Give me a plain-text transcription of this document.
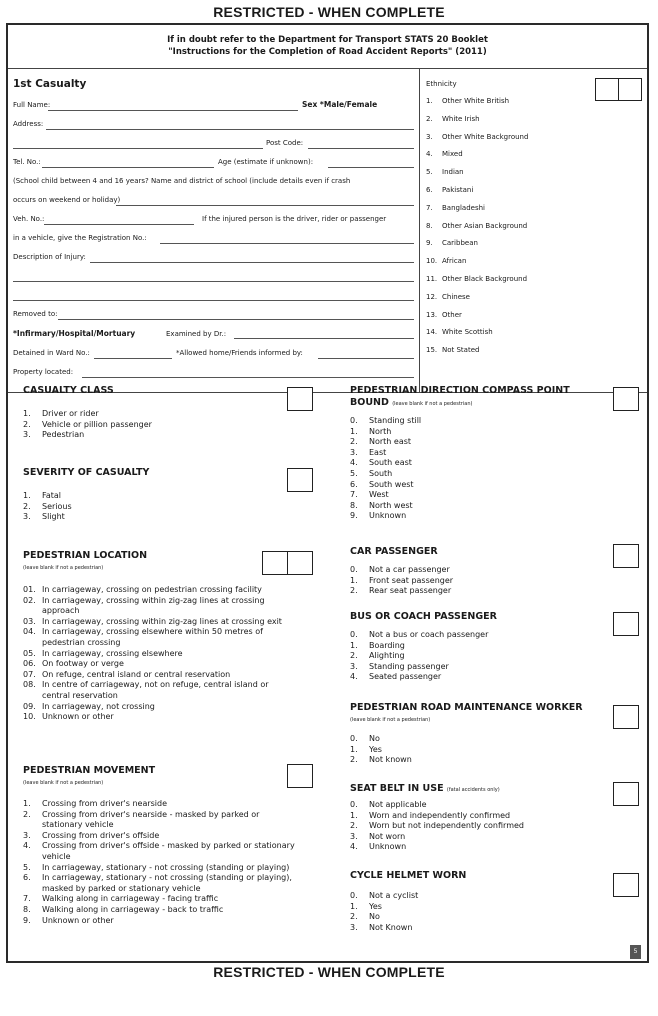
RESTRICTED - WHEN COMPLETE
If in doubt refer to the Department for Transport STATS 20 Booklet
"Instructions for the Completion of Road Accident Reports" (2011)
1st Casualty
Full Name:	Sex *Male/Female
Address:
Post Code:
Tel. No.:	Age (estimate if unknown):
(School child between 4 and 16 years? Name and district of school (include details even if crash
occurs on weekend or holiday)
Veh. No.:	If the injured person is the driver, rider or passenger
in a vehicle, give the Registration No.:
Description of Injury:
Removed to:
*Infirmary/Hospital/Mortuary	Examined by Dr.:
Detained in Ward No.:	*Allowed home/Friends informed by:
Property located:
Ethnicity
1. Other White British
2. White Irish
3. Other White Background
4. Mixed
5. Indian
6. Pakistani
7. Bangladeshi
8. Other Asian Background
9. Caribbean
10. African
11. Other Black Background
12. Chinese
13. Other
14. White Scottish
15. Not Stated
CASUALTY CLASS
1.	Driver or rider
2.	Vehicle or pillion passenger
3.	Pedestrian
SEVERITY OF CASUALTY
1.	Fatal
2.	Serious
3.	Slight
PEDESTRIAN LOCATION
(leave blank if not a pedestrian)
01. In carriageway, crossing on pedestrian crossing facility
02. In carriageway, crossing within zig-zag lines at crossing approach
03. In carriageway, crossing within zig-zag lines at crossing exit
04. In carriageway, crossing elsewhere within 50 metres of pedestrian crossing
05. In carriageway, crossing elsewhere
06. On footway or verge
07. On refuge, central island or central reservation
08. In centre of carriageway, not on refuge, central island or central reservation
09. In carriageway, not crossing
10. Unknown or other
PEDESTRIAN MOVEMENT
(leave blank if not a pedestrian)
1.	Crossing from driver's nearside
2.	Crossing from driver's nearside - masked by parked or stationary vehicle
3.	Crossing from driver's offside
4.	Crossing from driver's offside - masked by parked or stationary vehicle
5.	In carriageway, stationary - not crossing (standing or playing)
6.	In carriageway, stationary - not crossing (standing or playing), masked by parked or stationary vehicle
7.	Walking along in carriageway - facing traffic
8.	Walking along in carriageway - back to traffic
9.	Unknown or other
PEDESTRIAN DIRECTION COMPASS POINT
BOUND (leave blank if not a pedestrian)
0.	Standing still
1.	North
2.	North east
3.	East
4.	South east
5.	South
6.	South west
7.	West
8.	North west
9.	Unknown
CAR PASSENGER
0.	Not a car passenger
1.	Front seat passenger
2.	Rear seat passenger
BUS OR COACH PASSENGER
0.	Not a bus or coach passenger
1.	Boarding
2.	Alighting
3.	Standing passenger
4.	Seated passenger
PEDESTRIAN ROAD MAINTENANCE WORKER
(leave blank if not a pedestrian)
0.	No
1.	Yes
2.	Not known
SEAT BELT IN USE (fatal accidents only)
0.	Not applicable
1.	Worn and independently confirmed
2.	Worn but not independently confirmed
3.	Not worn
4.	Unknown
CYCLE HELMET WORN
0.	Not a cyclist
1.	Yes
2.	No
3.	Not Known
5
RESTRICTED - WHEN COMPLETE
